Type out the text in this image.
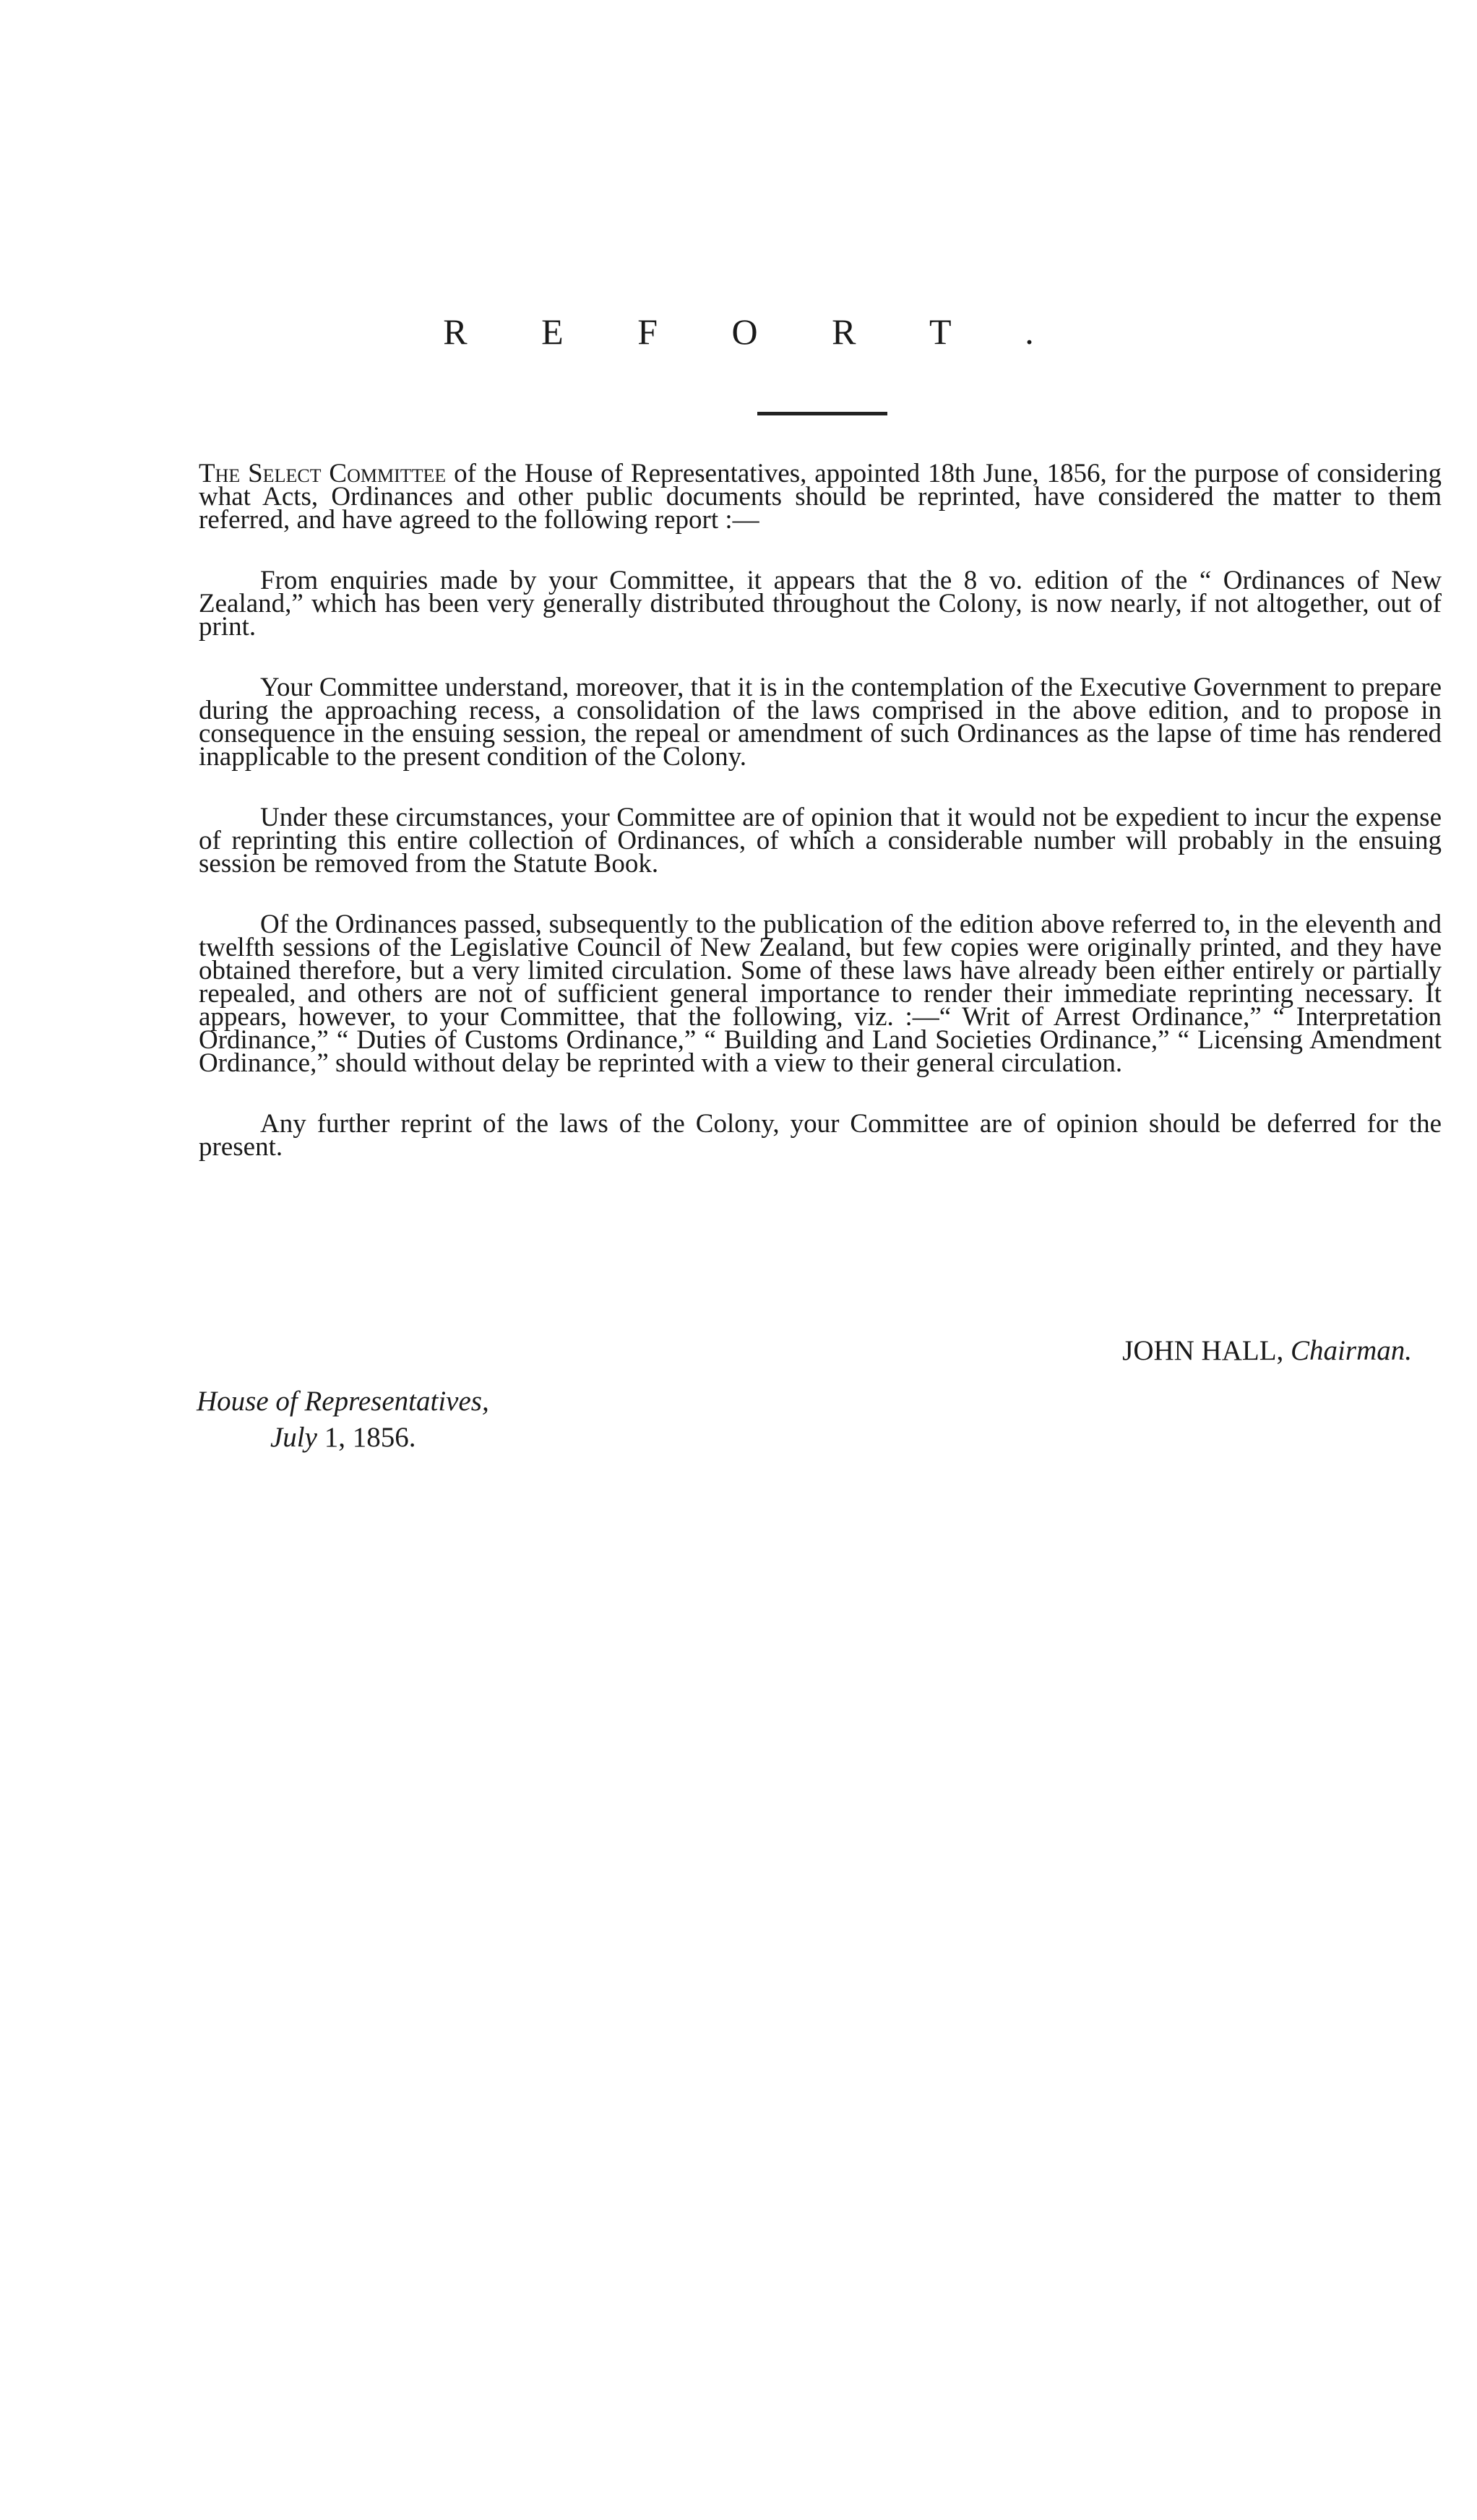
R E F O R T .

The Select Committee of the House of Representatives, appointed 18th June, 1856, for the purpose of considering what Acts, Ordinances and other public documents should be reprinted, have considered the matter to them referred, and have agreed to the following report :—

From enquiries made by your Committee, it appears that the 8 vo. edition of the “ Ordinances of New Zealand,” which has been very generally distributed throughout the Colony, is now nearly, if not altogether, out of print.

Your Committee understand, moreover, that it is in the contemplation of the Executive Government to prepare during the approaching recess, a consolidation of the laws comprised in the above edition, and to propose in consequence in the ensuing session, the repeal or amendment of such Ordinances as the lapse of time has rendered inapplicable to the present condition of the Colony.

Under these circumstances, your Committee are of opinion that it would not be expedient to incur the expense of reprinting this entire collection of Ordinances, of which a considerable number will probably in the ensuing session be removed from the Statute Book.

Of the Ordinances passed, subsequently to the publication of the edition above referred to, in the eleventh and twelfth sessions of the Legislative Council of New Zealand, but few copies were originally printed, and they have obtained therefore, but a very limited circulation. Some of these laws have already been either entirely or partially repealed, and others are not of sufficient general importance to render their immediate reprinting necessary. It appears, however, to your Committee, that the following, viz. :—“ Writ of Arrest Ordinance,” “ Interpretation Ordinance,” “ Duties of Customs Ordinance,” “ Building and Land Societies Ordinance,” “ Licensing Amendment Ordinance,” should without delay be reprinted with a view to their general circulation.

Any further reprint of the laws of the Colony, your Committee are of opinion should be deferred for the present.

JOHN HALL, Chairman.
House of Representatives,
July 1, 1856.
